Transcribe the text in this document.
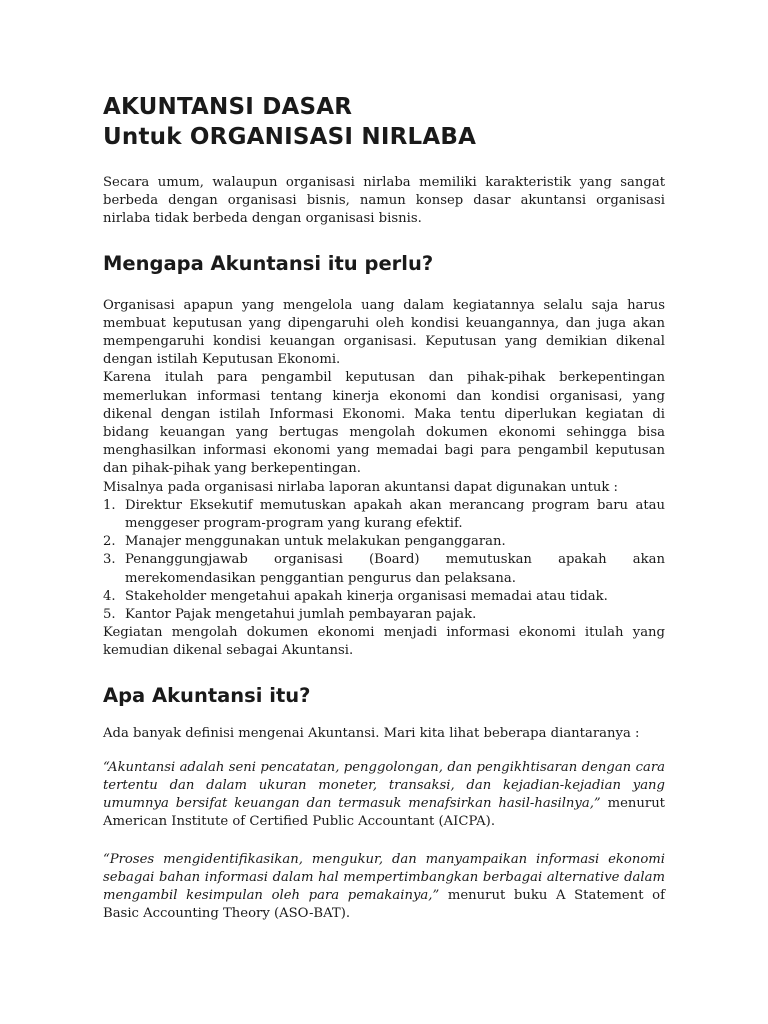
AKUNTANSI DASAR
Untuk ORGANISASI NIRLABA

Secara umum, walaupun organisasi nirlaba memiliki karakteristik yang sangat berbeda dengan organisasi bisnis, namun konsep dasar akuntansi organisasi nirlaba tidak berbeda dengan organisasi bisnis.

Mengapa Akuntansi itu perlu?

Organisasi apapun yang mengelola uang dalam kegiatannya selalu saja harus membuat keputusan yang dipengaruhi oleh kondisi keuangannya, dan juga akan mempengaruhi kondisi keuangan organisasi. Keputusan yang demikian dikenal dengan istilah Keputusan Ekonomi.

Karena itulah para pengambil keputusan dan pihak-pihak berkepentingan memerlukan informasi tentang kinerja ekonomi dan kondisi organisasi, yang dikenal dengan istilah Informasi Ekonomi. Maka tentu diperlukan kegiatan di bidang keuangan yang bertugas mengolah dokumen ekonomi sehingga bisa menghasilkan informasi ekonomi yang memadai bagi para pengambil keputusan dan pihak-pihak yang berkepentingan.

Misalnya pada organisasi nirlaba laporan akuntansi dapat digunakan untuk :

1. Direktur Eksekutif memutuskan apakah akan merancang program baru atau menggeser program-program yang kurang efektif.
2. Manajer menggunakan untuk melakukan penganggaran.
3. Penanggungjawab organisasi (Board) memutuskan apakah akan merekomendasikan penggantian pengurus dan pelaksana.
4. Stakeholder mengetahui apakah kinerja organisasi memadai atau tidak.
5. Kantor Pajak mengetahui jumlah pembayaran pajak.

Kegiatan mengolah dokumen ekonomi menjadi informasi ekonomi itulah yang kemudian dikenal sebagai Akuntansi.

Apa Akuntansi itu?

Ada banyak definisi mengenai Akuntansi. Mari kita lihat beberapa diantaranya :

“Akuntansi adalah seni pencatatan, penggolongan, dan pengikhtisaran dengan cara tertentu dan dalam ukuran moneter, transaksi, dan kejadian-kejadian yang umumnya bersifat keuangan dan termasuk menafsirkan hasil-hasilnya,” menurut American Institute of Certified Public Accountant (AICPA).

“Proses mengidentifikasikan, mengukur, dan manyampaikan informasi ekonomi sebagai bahan informasi dalam hal mempertimbangkan berbagai alternative dalam mengambil kesimpulan oleh para pemakainya,” menurut buku A Statement of Basic Accounting Theory (ASO-BAT).
